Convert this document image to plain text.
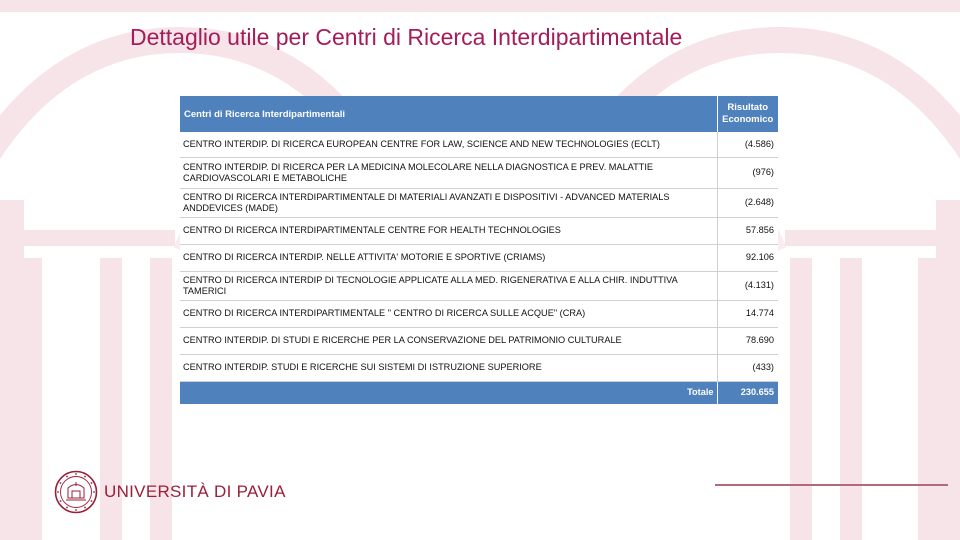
Dettaglio utile per Centri di Ricerca Interdipartimentale
Centri di Ricerca Interdipartimentali	Risultato Economico
CENTRO INTERDIP. DI RICERCA EUROPEAN CENTRE FOR LAW, SCIENCE AND NEW TECHNOLOGIES (ECLT)	(4.586)
CENTRO INTERDIP. DI RICERCA PER LA MEDICINA MOLECOLARE NELLA DIAGNOSTICA E PREV. MALATTIE CARDIOVASCOLARI E METABOLICHE	(976)
CENTRO DI RICERCA INTERDIPARTIMENTALE DI MATERIALI AVANZATI E DISPOSITIVI - ADVANCED MATERIALS ANDDEVICES (MADE)	(2.648)
CENTRO DI RICERCA INTERDIPARTIMENTALE CENTRE FOR HEALTH TECHNOLOGIES	57.856
CENTRO DI RICERCA INTERDIP. NELLE ATTIVITA' MOTORIE E SPORTIVE (CRIAMS)	92.106
CENTRO DI RICERCA INTERDIP DI TECNOLOGIE APPLICATE ALLA MED. RIGENERATIVA E ALLA CHIR. INDUTTIVA TAMERICI	(4.131)
CENTRO DI RICERCA INTERDIPARTIMENTALE " CENTRO DI RICERCA SULLE ACQUE" (CRA)	14.774
CENTRO INTERDIP. DI STUDI E RICERCHE PER LA CONSERVAZIONE DEL PATRIMONIO CULTURALE	78.690
CENTRO INTERDIP. STUDI E RICERCHE SUI SISTEMI DI ISTRUZIONE SUPERIORE	(433)
Totale	230.655
UNIVERSITÀ DI PAVIA
